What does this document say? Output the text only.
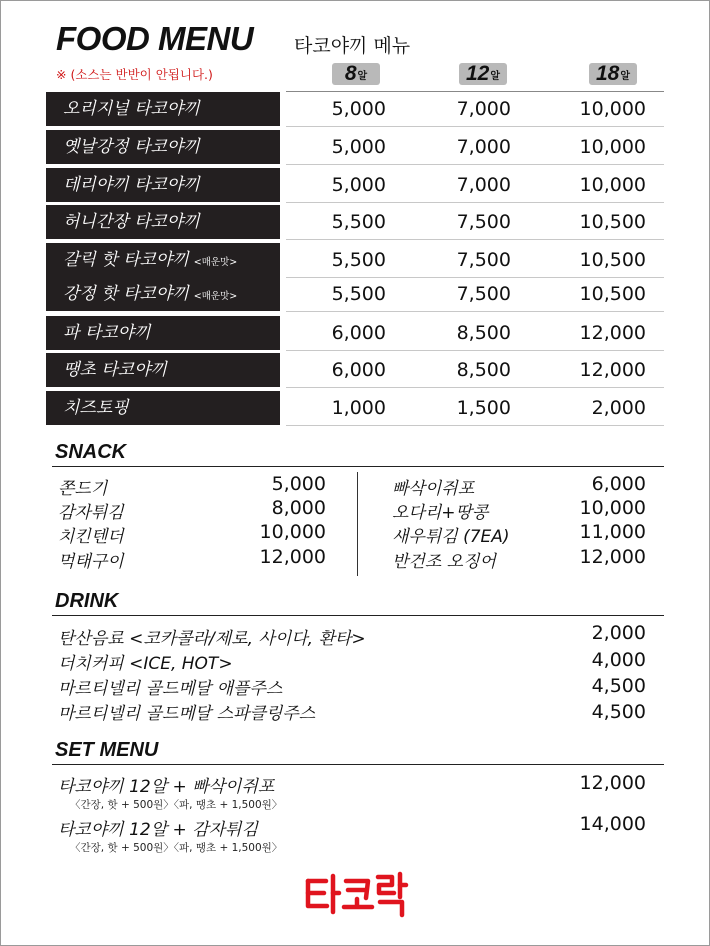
FOOD MENU 타코야끼 메뉴
※ (소스는 반반이 안됩니다.)	8 알	12 알	18 알
오리지널 타코야끼	5,000	7,000	10,000
옛날강정 타코야끼	5,000	7,000	10,000
데리야끼 타코야끼	5,000	7,000	10,000
허니간장 타코야끼	5,500	7,500	10,500
갈릭 핫 타코야끼 <매운맛>	5,500	7,500	10,500
강정 핫 타코야끼 <매운맛>	5,500	7,500	10,500
파 타코야끼	6,000	8,500	12,000
땡초 타코야끼	6,000	8,500	12,000
치즈토핑	1,000	1,500	2,000
SNACK
쫀드기	5,000
감자튀김	8,000
치킨텐더	10,000
먹태구이	12,000
빠삭이쥐포	6,000
오다리+땅콩	10,000
새우튀김 (7EA)	11,000
반건조 오징어	12,000
DRINK
탄산음료 <코카콜라/제로, 사이다, 환타>	2,000
더치커피 <ICE, HOT>	4,000
마르티넬리 골드메달 애플주스	4,500
마르티넬리 골드메달 스파클링주스	4,500
SET MENU
타코야끼 12알 + 빠삭이쥐포	12,000
〈간장, 핫 + 500원〉〈파, 땡초 + 1,500원〉
타코야끼 12알 + 감자튀김	14,000
〈간장, 핫 + 500원〉〈파, 땡초 + 1,500원〉
